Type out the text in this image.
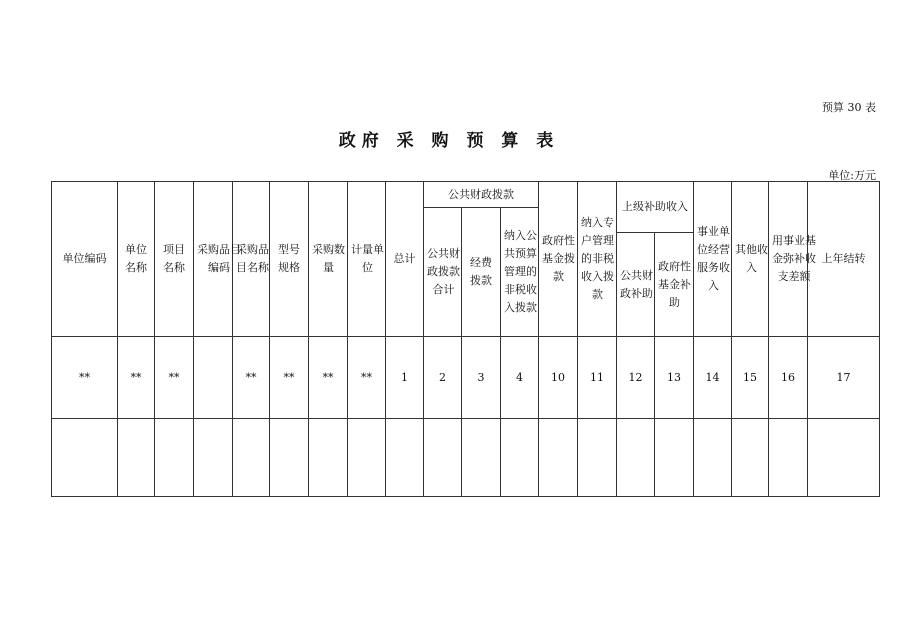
预算 30 表
政府 采 购 预 算 表
单位:万元
单位编码	单位名称	项目名称	采购品目编码	采购品目名称	型号规格	采购数量	计量单位	总计	公共财政拨款			政府性基金拨款	纳入专户管理的非税收入拨款	上级补助收入		事业单位经营服务收入	其他收入	用事业基金弥补收支差额	上年结转
									公共财政拨款合计	经费拨款	纳入公共预算管理的非税收入拨款								
														公共财政补助	政府性基金补助				
**	**	**		**	**	**	**	1	2	3	4	10	11	12	13	14	15	16	17
